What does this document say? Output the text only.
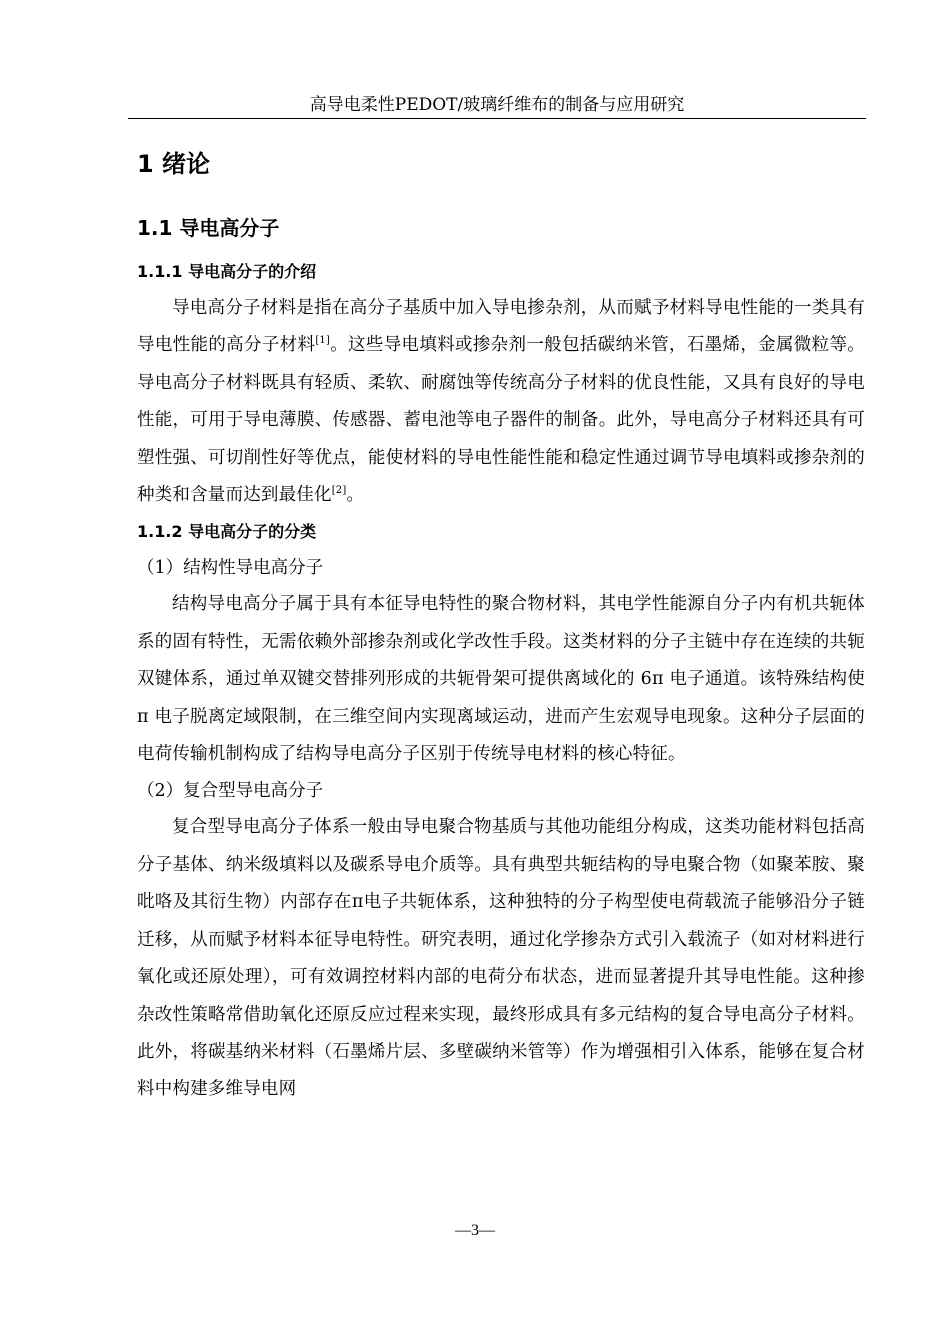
高导电柔性PEDOT/玻璃纤维布的制备与应用研究
1 绪论
1.1 导电高分子
1.1.1 导电高分子的介绍

导电高分子材料是指在高分子基质中加入导电掺杂剂，从而赋予材料导电性能的一类具有导电性能的高分子材料[1]。这些导电填料或掺杂剂一般包括碳纳米管，石墨烯，金属微粒等。导电高分子材料既具有轻质、柔软、耐腐蚀等传统高分子材料的优良性能，又具有良好的导电性能，可用于导电薄膜、传感器、蓄电池等电子器件的制备。此外，导电高分子材料还具有可塑性强、可切削性好等优点，能使材料的导电性能性能和稳定性通过调节导电填料或掺杂剂的种类和含量而达到最佳化[2]。

1.1.2 导电高分子的分类
（1）结构性导电高分子

结构导电高分子属于具有本征导电特性的聚合物材料，其电学性能源自分子内有机共轭体系的固有特性，无需依赖外部掺杂剂或化学改性手段。这类材料的分子主链中存在连续的共轭双键体系，通过单双键交替排列形成的共轭骨架可提供离域化的 6π 电子通道。该特殊结构使 π 电子脱离定域限制，在三维空间内实现离域运动，进而产生宏观导电现象。这种分子层面的电荷传输机制构成了结构导电高分子区别于传统导电材料的核心特征。

（2）复合型导电高分子

复合型导电高分子体系一般由导电聚合物基质与其他功能组分构成，这类功能材料包括高分子基体、纳米级填料以及碳系导电介质等。具有典型共轭结构的导电聚合物（如聚苯胺、聚吡咯及其衍生物）内部存在π电子共轭体系，这种独特的分子构型使电荷载流子能够沿分子链迁移，从而赋予材料本征导电特性。研究表明，通过化学掺杂方式引入载流子（如对材料进行氧化或还原处理），可有效调控材料内部的电荷分布状态，进而显著提升其导电性能。这种掺杂改性策略常借助氧化还原反应过程来实现，最终形成具有多元结构的复合导电高分子材料。此外，将碳基纳米材料（石墨烯片层、多壁碳纳米管等）作为增强相引入体系，能够在复合材料中构建多维导电网

—3—
